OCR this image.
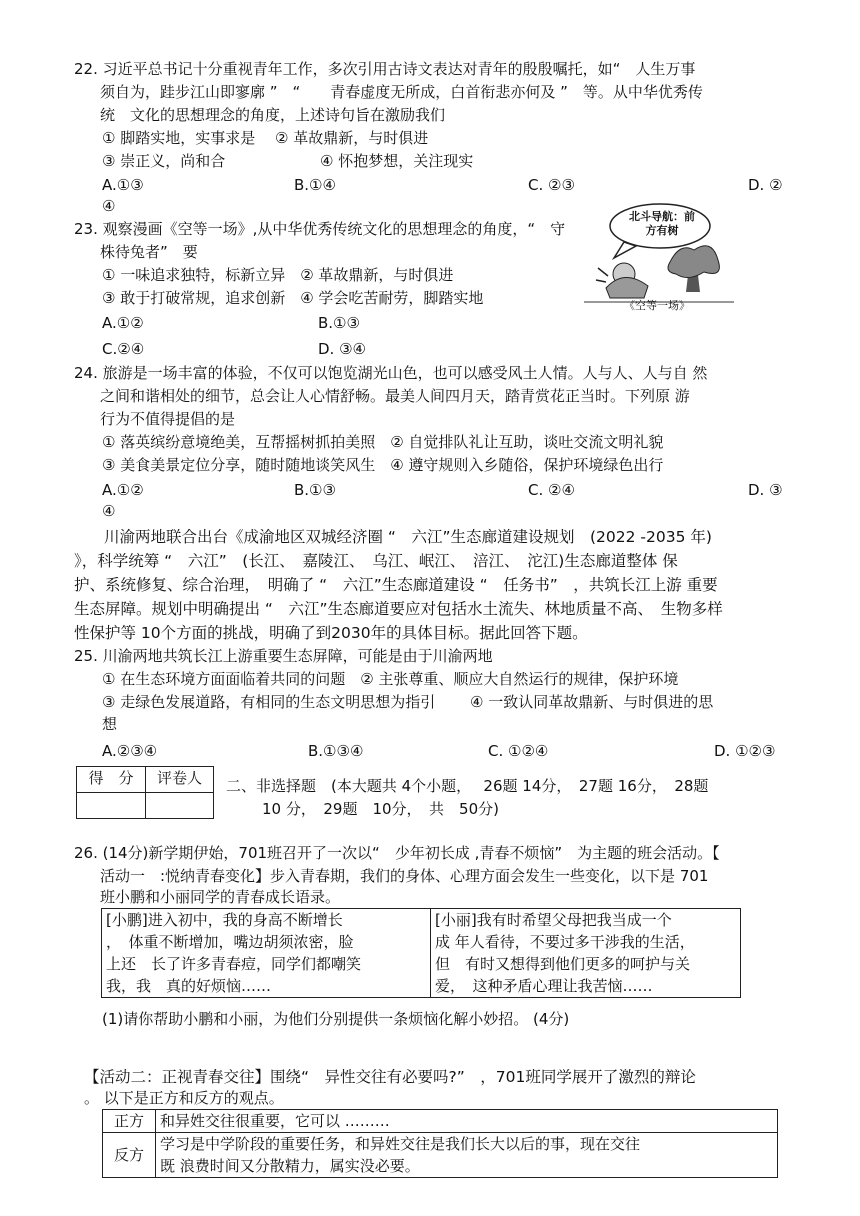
22. 习近平总书记十分重视青年工作，多次引用古诗文表达对青年的殷殷嘱托，如“　人生万事
须自为，跬步江山即寥廓 ”　“　　青春虚度无所成，白首衔悲亦何及 ”　等。从中华优秀传
统　文化的思想理念的角度，上述诗句旨在激励我们
① 脚踏实地，实事求是　 ② 革故鼎新，与时俱进
③ 崇正义，尚和合　　　　　　 ④ 怀抱梦想，关注现实
A.①③	B.①④	C. ②③	D. ②
④
23. 观察漫画《空等一场》,从中华优秀传统文化的思想理念的角度，“　守
株待兔者”　要
① 一味追求独特，标新立异　② 革故鼎新，与时俱进
③ 敢于打破常规，追求创新　④ 学会吃苦耐劳，脚踏实地
A.①②	B.①③
C.②④	D. ③④
北斗导航：前方有树
《空等一场》
24. 旅游是一场丰富的体验，不仅可以饱览湖光山色，也可以感受风土人情。人与人、人与自 然
之间和谐相处的细节，总会让人心情舒畅。最美人间四月天，踏青赏花正当时。下列原 游
行为不值得提倡的是
① 落英缤纷意境绝美，互帮摇树抓拍美照　② 自觉排队礼让互助，谈吐交流文明礼貌
③ 美食美景定位分享，随时随地谈笑风生　④ 遵守规则入乡随俗，保护环境绿色出行
A.①②	B.①③	C. ②④	D. ③
④
川渝两地联合出台《成渝地区双城经济圈 “　六江”生态廊道建设规划　(2022 -2035 年)
》，科学统筹 “　六江”　(长江、　嘉陵江、　乌江、岷江、　涪江、　沱江)生态廊道整体 保
护、系统修复、综合治理，　明确了 “　六江”生态廊道建设 “　任务书”　，共筑长江上游 重要
生态屏障。规划中明确提出 “　六江”生态廊道要应对包括水土流失、林地质量不高、　生物多样
性保护等 10个方面的挑战，明确了到2030年的具体目标。据此回答下题。
25. 川渝两地共筑长江上游重要生态屏障，可能是由于川渝两地
① 在生态环境方面面临着共同的问题　② 主张尊重、顺应大自然运行的规律，保护环境
③ 走绿色发展道路，有相同的生态文明思想为指引　　 ④ 一致认同革故鼎新、与时俱进的思
想
A.②③④	B.①③④	C. ①②④	D. ①②③
得　分	评卷人
	二、非选择题　(本大题共 4个小题，　 26题 14分，　27题 16分，　28题
10 分，　29题　10分，　共　50分)
26. (14分)新学期伊始，701班召开了一次以“　少年初长成 ,青春不烦恼”　为主题的班会活动。【
活动一　:悦纳青春变化】步入青春期，我们的身体、心理方面会发生一些变化，以下是 701
班小鹏和小丽同学的青春成长语录。
[小鹏]进入初中，我的身高不断增长
，　体重不断增加，嘴边胡须浓密，脸
上还　长了许多青春痘，同学们都嘲笑
我，我　真的好烦恼……

[小丽]我有时希望父母把我当成一个
成 年人看待，不要过多干涉我的生活，
但　有时又想得到他们更多的呵护与关
爱，　这种矛盾心理让我苦恼……
(1)请你帮助小鹏和小丽，为他们分别提供一条烦恼化解小妙招。 (4分)
【活动二：正视青春交往】围绕“　异性交往有必要吗?”　，701班同学展开了激烈的辩论
。 以下是正方和反方的观点。
正方	和异姓交往很重要，它可以 ………
反方	学习是中学阶段的重要任务，和异姓交往是我们长大以后的事，现在交往
既 浪费时间又分散精力，属实没必要。
